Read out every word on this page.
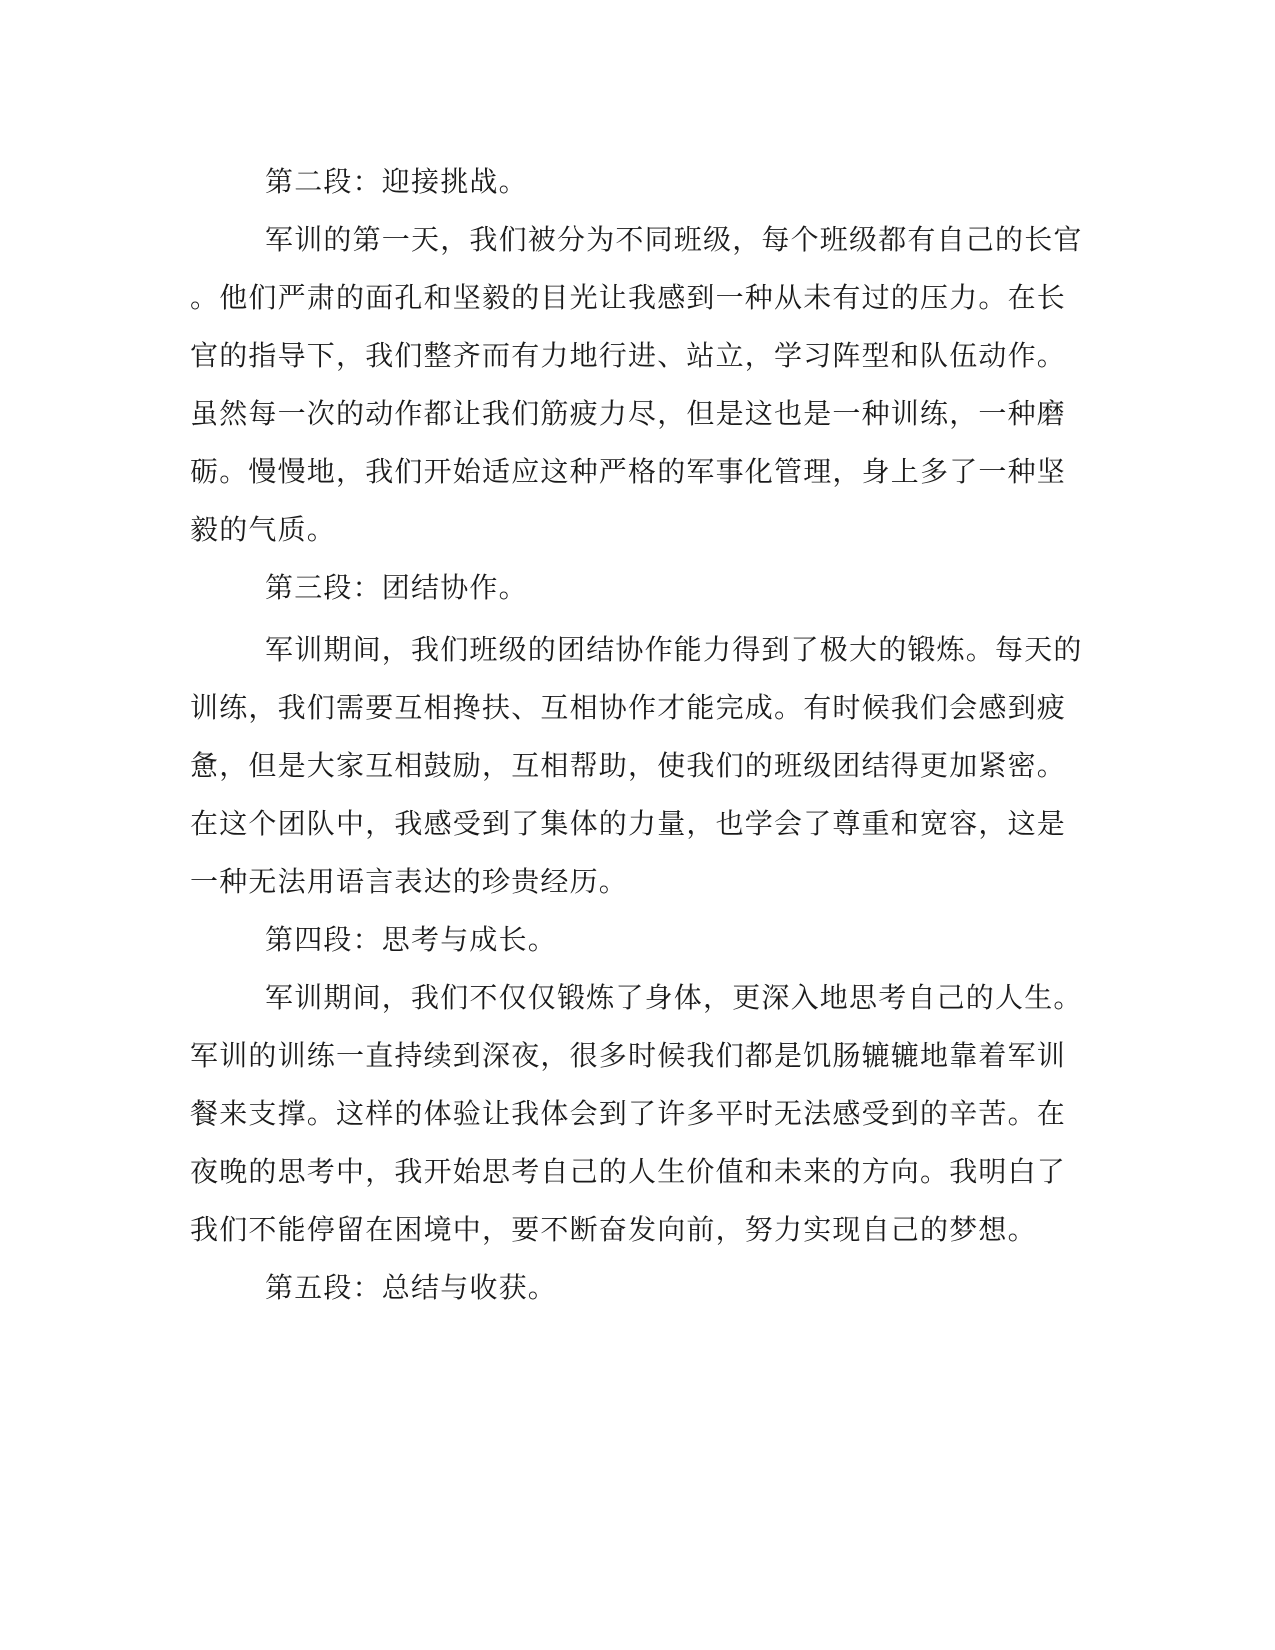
第二段：迎接挑战。
军训的第一天，我们被分为不同班级，每个班级都有自己的长官
。他们严肃的面孔和坚毅的目光让我感到一种从未有过的压力。在长
官的指导下，我们整齐而有力地行进、站立，学习阵型和队伍动作。
虽然每一次的动作都让我们筋疲力尽，但是这也是一种训练，一种磨
砺。慢慢地，我们开始适应这种严格的军事化管理，身上多了一种坚
毅的气质。
第三段：团结协作。
军训期间，我们班级的团结协作能力得到了极大的锻炼。每天的
训练，我们需要互相搀扶、互相协作才能完成。有时候我们会感到疲
惫，但是大家互相鼓励，互相帮助，使我们的班级团结得更加紧密。
在这个团队中，我感受到了集体的力量，也学会了尊重和宽容，这是
一种无法用语言表达的珍贵经历。
第四段：思考与成长。
军训期间，我们不仅仅锻炼了身体，更深入地思考自己的人生。
军训的训练一直持续到深夜，很多时候我们都是饥肠辘辘地靠着军训
餐来支撑。这样的体验让我体会到了许多平时无法感受到的辛苦。在
夜晚的思考中，我开始思考自己的人生价值和未来的方向。我明白了
我们不能停留在困境中，要不断奋发向前，努力实现自己的梦想。
第五段：总结与收获。
